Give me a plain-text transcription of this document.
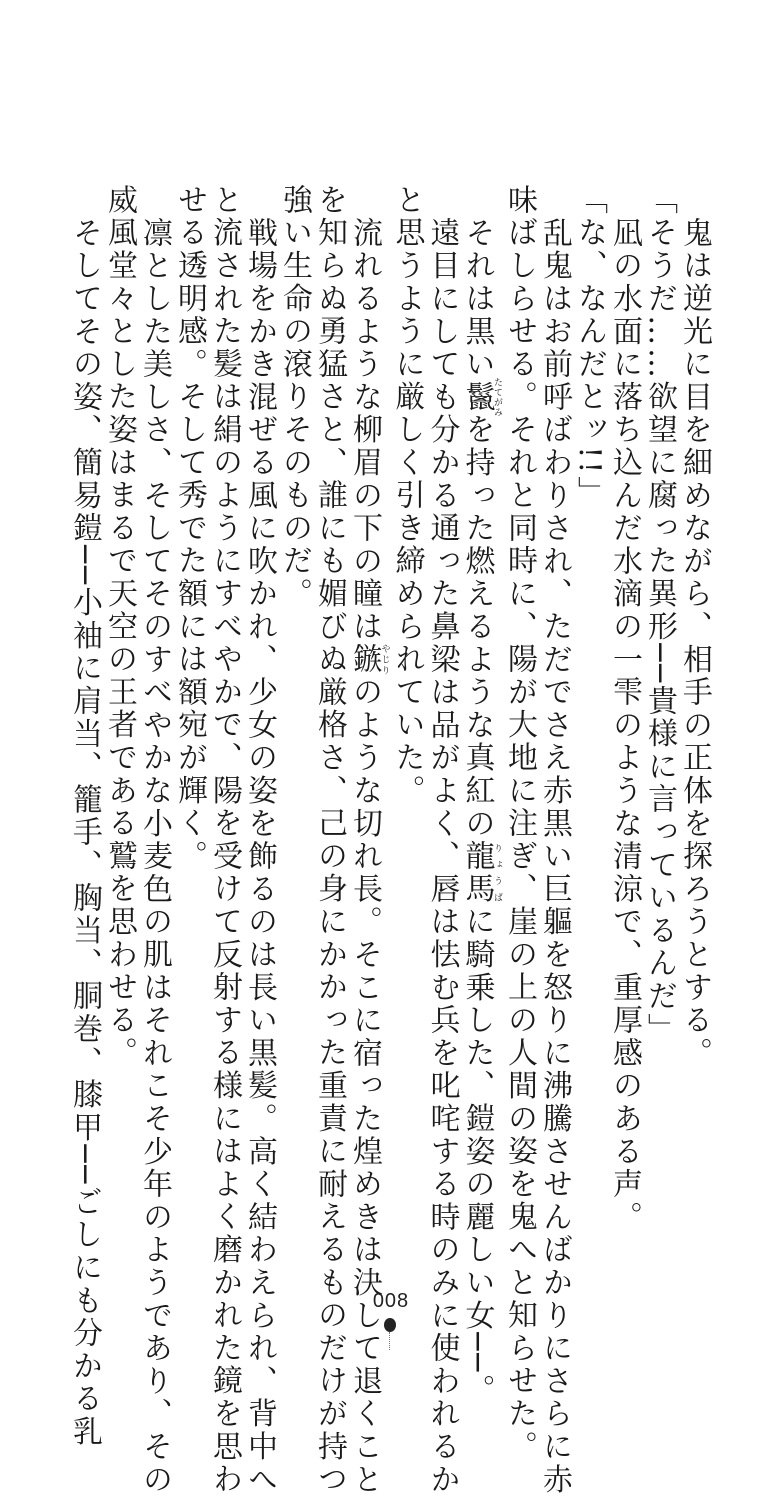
鬼は逆光に目を細めながら、相手の正体を探ろうとする。
「そうだ……欲望に腐った異形──貴様に言っているんだ」
凪の水面に落ち込んだ水滴の一雫のような清涼で、重厚感のある声。
「な、なんだとッ!!」
乱鬼はお前呼ばわりされ、ただでさえ赤黒い巨軀を怒りに沸騰させんばかりにさらに赤
味ばしらせる。それと同時に、陽が大地に注ぎ、崖の上の人間の姿を鬼へと知らせた。
それは黒い鬣たてがみを持った燃えるような真紅の龍馬りょうばに騎乗した、鎧姿の麗しい女──。
遠目にしても分かる通った鼻梁は品がよく、唇は怯む兵を叱咤する時のみに使われるか
と思うように厳しく引き締められていた。
流れるような柳眉の下の瞳は鏃やじりのような切れ長。そこに宿った煌めきは決して退くこと
を知らぬ勇猛さと、誰にも媚びぬ厳格さ、己の身にかかった重責に耐えるものだけが持つ
強い生命の滾りそのものだ。
戦場をかき混ぜる風に吹かれ、少女の姿を飾るのは長い黒髪。高く結わえられ、背中へ
と流された髪は絹のようにすべやかで、陽を受けて反射する様にはよく磨かれた鏡を思わ
せる透明感。そして秀でた額には額宛が輝く。
凛とした美しさ、そしてそのすべやかな小麦色の肌はそれこそ少年のようであり、その
威風堂々とした姿はまるで天空の王者である鷲を思わせる。
そしてその姿、簡易鎧──小袖に肩当、籠手、胸当、胴巻、膝甲──ごしにも分かる乳	008
